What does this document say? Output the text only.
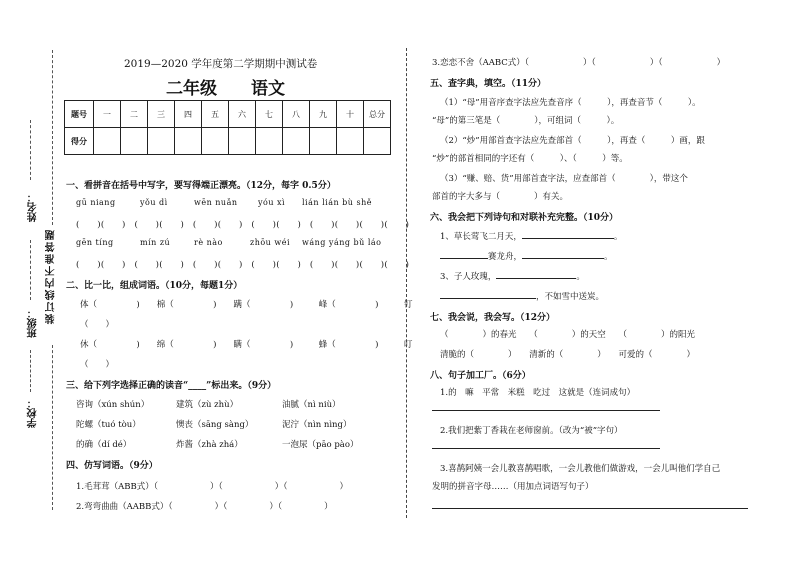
姓名：
班级：
学校：
装订线内不准答题
2019—2020 学年度第二学期期中测试卷
二年级　　语文
题号	一	二	三	四	五	六	七	八	九	十	总分
得分											
一、看拼音在括号中写字，要写得端正漂亮。（12分，每字 0.5分）
gū niang	yǒu dì	wēn nuǎn	yóu xì lián lián bù shě
(　　)(　　)　(　　)(　　)　(　　)(　　)　(　　)(　　)　(　　)(　　)(　　)(　　)
gēn tíng	mín zú	rè nào	zhōu wéi wáng yáng bǔ láo
(　　)(　　)　(　　)(　　)　(　　)(　　)　(　　)(　　)　(　　)(　　)(　　)(　　)
二、比一比，组成词语。（10分，每题1分）
体（	)　　棉（	)　　蹒（	)　　　峰（	)　　　钉
（　　）
休（	)　　绵（	)　　瞒（	)　　　蜂（	)　　　叮
（　　）
三、给下列字选择正确的读音“____”标出来。（9分）
咨询（xún shún）	建筑（zù zhù）	油腻（nì niù）
陀螺（tuó tòu）	懊丧（sāng sàng）	泥泞（nìn nìng）
的确（dí dé）	炸酱（zhà zhá）	一泡尿（pāo pào）
四、仿写词语。（9分）
1.毛茸茸（ABB式）（	）（	）（	）
2.弯弯曲曲（AABB式）（	）（	）（	）
3.恋恋不舍（AABC式）（	）（	）（	）
五、查字典，填空。（11分）
（1）“母”用音序查字法应先查音序（　　　），再查音节（　　　）。
“母”的第三笔是（　　　　），可组词（　　　）。
（2）“炒”用部首查字法应先查部首（　　　），再查（　　　）画，跟
“炒”的部首相同的字还有（　　　）、（　　　）等。
（3）“赚、赔、货”用部首查字法，应查部首（　　　　），带这个
部首的字大多与（　　　　）有关。
六、我会把下列诗句和对联补充完整。（10分）
1、草长莺飞二月天，	。
赛龙舟，	。
3、子人玫瑰，	。
，不如雪中送炭。
七、我会说，我会写。（12分）
（　　　　）的春光　　（　　　　）的天空　　（　　　　）的阳光
清脆的（　　　　）　　清新的（　　　　）　　可爱的（　　　　）
八、句子加工厂。（6分）
1.的　嘛　平常　米糕　吃过　这就是（连词成句）
2.我们把紫丁香栽在老师窗前。（改为“被”字句）
3.喜鹊阿姨一会儿教喜鹊唱歌，一会儿教他们做游戏，一会儿叫他们学自己
发明的拼音字母……（用加点词语写句子）
